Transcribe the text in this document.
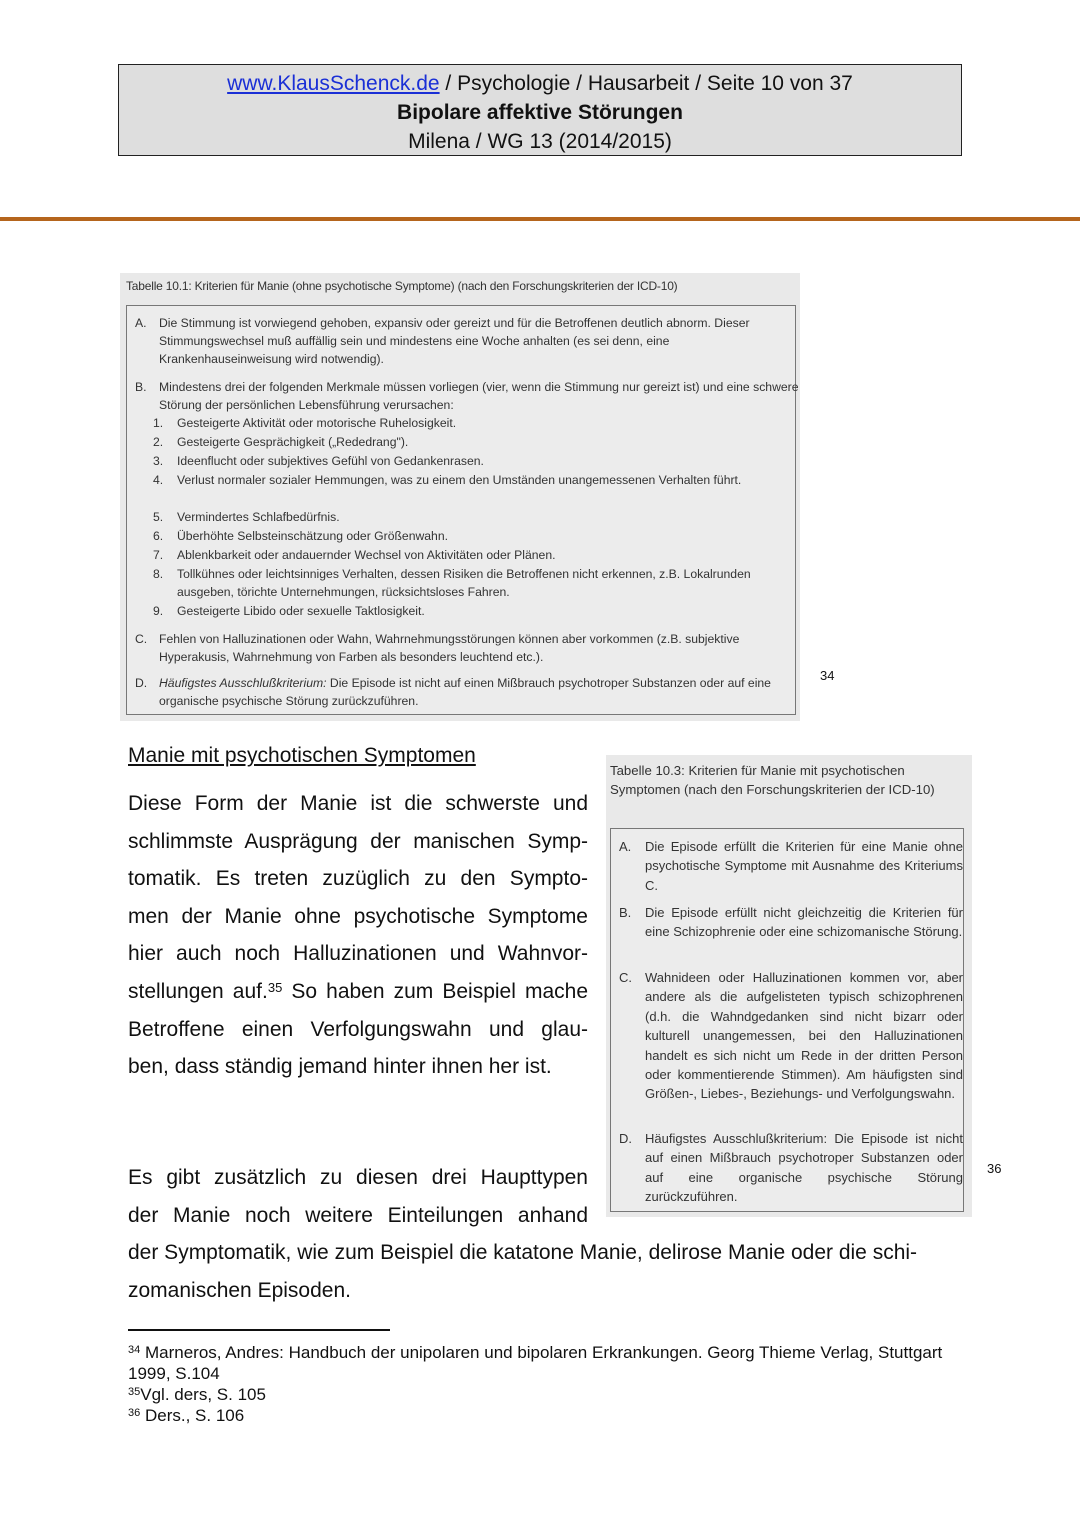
www.KlausSchenck.de / Psychologie / Hausarbeit / Seite 10 von 37
Bipolare affektive Störungen
Milena / WG 13 (2014/2015)
Tabelle 10.1: Kriterien für Manie (ohne psychotische Symptome) (nach den Forschungskriterien der ICD-10)
A. Die Stimmung ist vorwiegend gehoben, expansiv oder gereizt und für die Betroffenen deutlich abnorm. Dieser Stimmungswechsel muß auffällig sein und mindestens eine Woche anhalten (es sei denn, eine Krankenhauseinweisung wird notwendig).
B. Mindestens drei der folgenden Merkmale müssen vorliegen (vier, wenn die Stimmung nur gereizt ist) und eine schwere Störung der persönlichen Lebensführung verursachen:
1. Gesteigerte Aktivität oder motorische Ruhelosigkeit.
2. Gesteigerte Gesprächigkeit („Rededrang").
3. Ideenflucht oder subjektives Gefühl von Gedankenrasen.
4. Verlust normaler sozialer Hemmungen, was zu einem den Umständen unangemessenen Verhalten führt.
5. Vermindertes Schlafbedürfnis.
6. Überhöhte Selbsteinschätzung oder Größenwahn.
7. Ablenkbarkeit oder andauernder Wechsel von Aktivitäten oder Plänen.
8. Tollkühnes oder leichtsinniges Verhalten, dessen Risiken die Betroffenen nicht erkennen, z.B. Lokalrunden ausgeben, törichte Unternehmungen, rücksichtsloses Fahren.
9. Gesteigerte Libido oder sexuelle Taktlosigkeit.
C. Fehlen von Halluzinationen oder Wahn, Wahrnehmungsstörungen können aber vorkommen (z.B. subjektive Hyperakusis, Wahrnehmung von Farben als besonders leuchtend etc.).
D. Häufigstes Ausschlußkriterium: Die Episode ist nicht auf einen Mißbrauch psychotroper Substanzen oder auf eine organische psychische Störung zurückzuführen.
34
Manie mit psychotischen Symptomen
Diese Form der Manie ist die schwerste und
schlimmste Ausprägung der manischen Symp-
tomatik. Es treten zuzüglich zu den Sympto-
men der Manie ohne psychotische Symptome
hier auch noch Halluzinationen und Wahnvor-
stellungen auf.$^{35}$ So haben zum Beispiel mache
Betroffene einen Verfolgungswahn und glau-
ben, dass ständig jemand hinter ihnen her ist.
Es gibt zusätzlich zu diesen drei Haupttypen
der Manie noch weitere Einteilungen anhand
der Symptomatik, wie zum Beispiel die katatone Manie, delirose Manie oder die schi-
zomanischen Episoden.
Tabelle 10.3: Kriterien für Manie mit psychotischen Symptomen (nach den Forschungskriterien der ICD-10)
A. Die Episode erfüllt die Kriterien für eine Manie ohne psychotische Symptome mit Ausnahme des Kriteriums C.
B. Die Episode erfüllt nicht gleichzeitig die Kriterien für eine Schizophrenie oder eine schizomanische Störung.
C. Wahnideen oder Halluzinationen kommen vor, aber andere als die aufgelisteten typisch schizophrenen (d.h. die Wahndgedanken sind nicht bizarr oder kulturell unangemessen, bei den Halluzinationen handelt es sich nicht um Rede in der dritten Person oder kommentierende Stimmen). Am häufigsten sind Größen-, Liebes-, Beziehungs- und Verfolgungswahn.
D. Häufigstes Ausschlußkriterium: Die Episode ist nicht auf einen Mißbrauch psychotroper Substanzen oder auf eine organische psychische Störung zurückzuführen.
36
$^{34}$ Marneros, Andres: Handbuch der unipolaren und bipolaren Erkrankungen. Georg Thieme Verlag, Stuttgart 1999, S.104
$^{35}$Vgl. ders, S. 105
$^{36}$ Ders., S. 106
